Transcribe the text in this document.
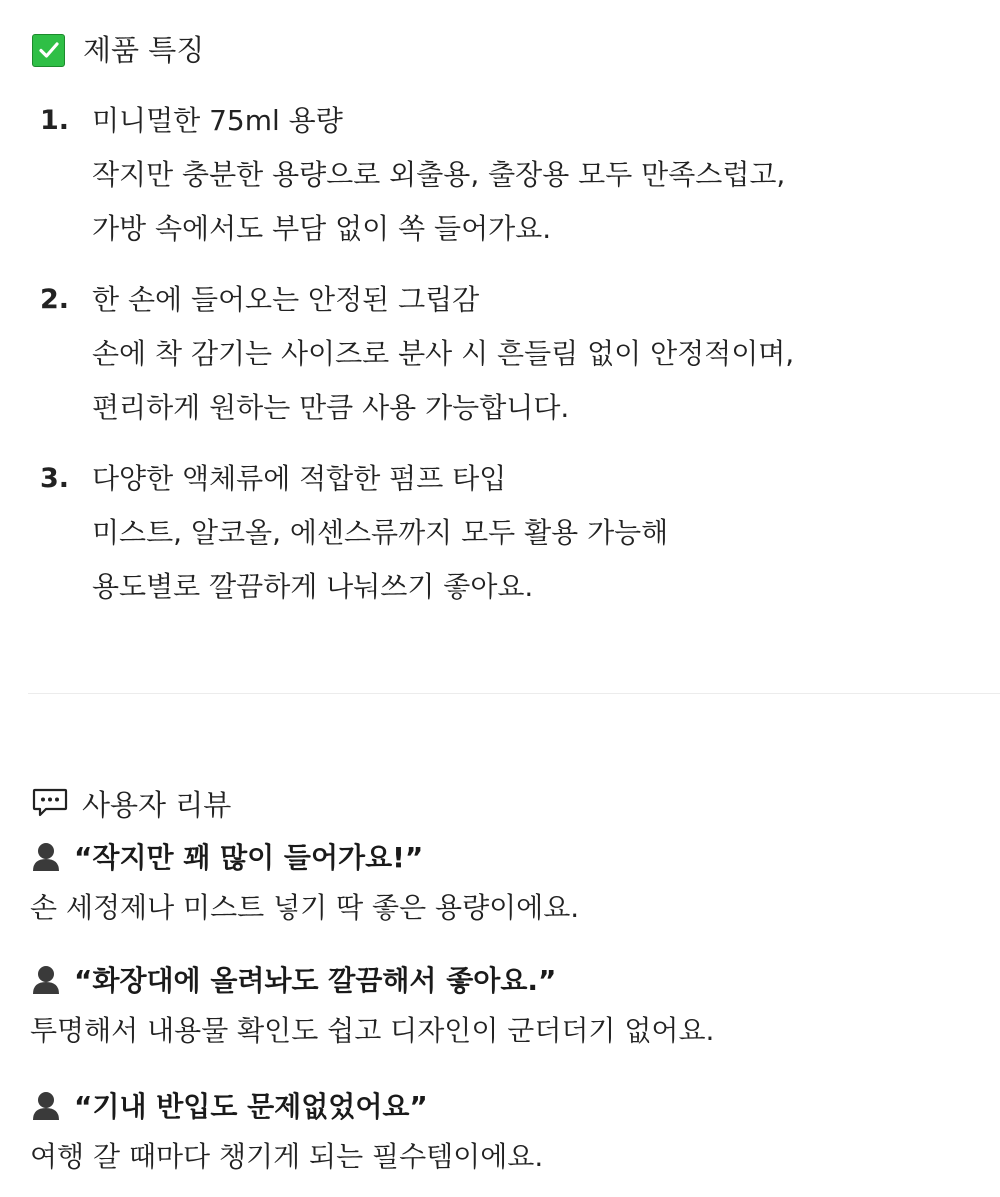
제품 특징
1. 미니멀한 75ml 용량
작지만 충분한 용량으로 외출용, 출장용 모두 만족스럽고,
가방 속에서도 부담 없이 쏙 들어가요.
2. 한 손에 들어오는 안정된 그립감
손에 착 감기는 사이즈로 분사 시 흔들림 없이 안정적이며,
편리하게 원하는 만큼 사용 가능합니다.
3. 다양한 액체류에 적합한 펌프 타입
미스트, 알코올, 에센스류까지 모두 활용 가능해
용도별로 깔끔하게 나눠쓰기 좋아요.
사용자 리뷰
“작지만 꽤 많이 들어가요!”
손 세정제나 미스트 넣기 딱 좋은 용량이에요.
“화장대에 올려놔도 깔끔해서 좋아요.”
투명해서 내용물 확인도 쉽고 디자인이 군더더기 없어요.
“기내 반입도 문제없었어요”
여행 갈 때마다 챙기게 되는 필수템이에요.
